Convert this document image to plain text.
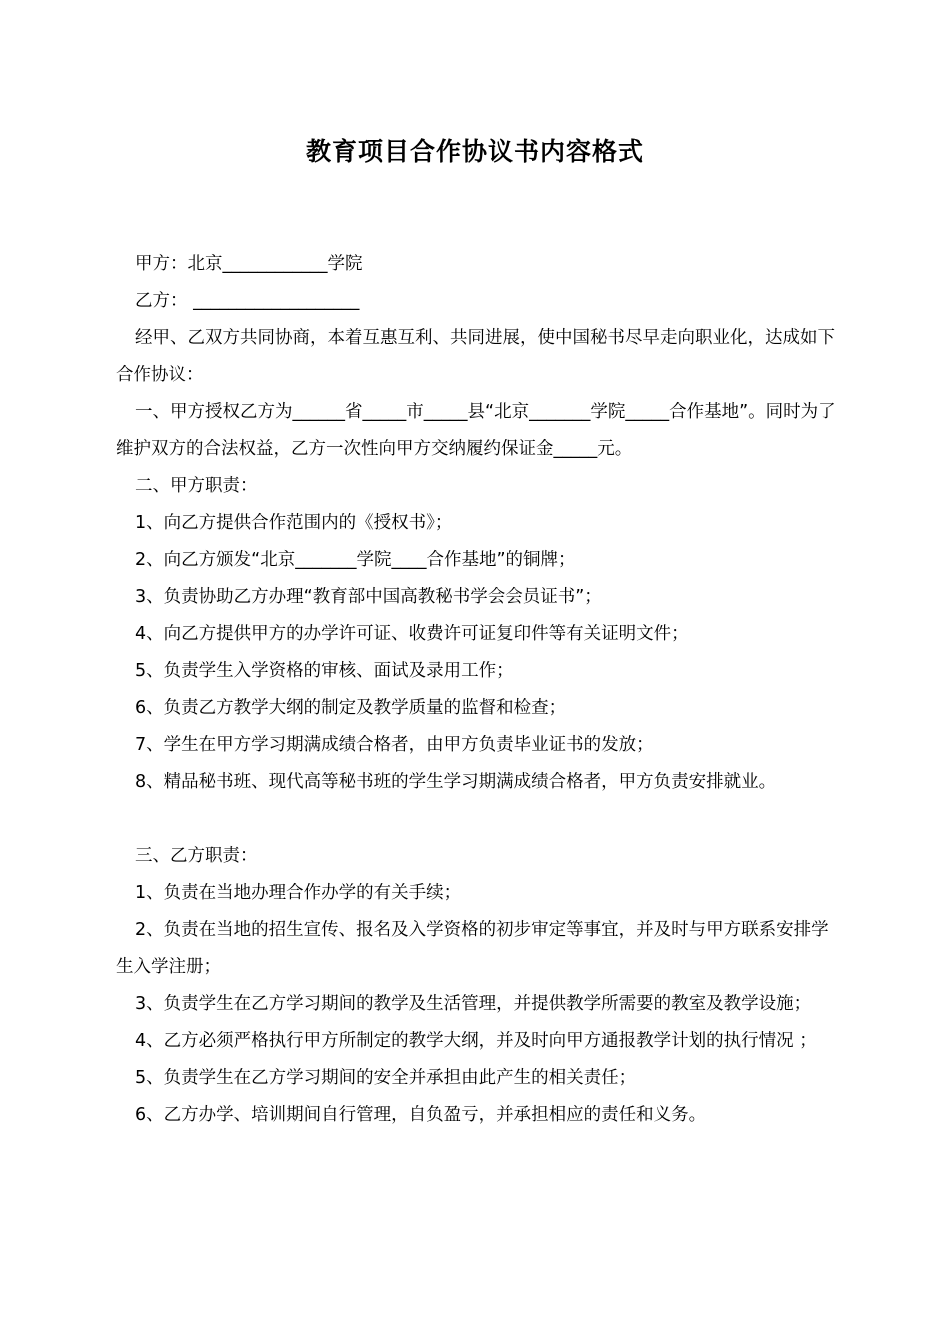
教育项目合作协议书内容格式

甲方：北京____________学院

乙方： ___________________

经甲、乙双方共同协商，本着互惠互利、共同进展，使中国秘书尽早走向职业化，达成如下合作协议：

一、甲方授权乙方为______省_____市_____县“北京_______学院_____合作基地”。同时为了维护双方的合法权益，乙方一次性向甲方交纳履约保证金_____元。

二、甲方职责：

1、向乙方提供合作范围内的《授权书》；

2、向乙方颁发“北京_______学院____合作基地”的铜牌；

3、负责协助乙方办理“教育部中国高教秘书学会会员证书”；

4、向乙方提供甲方的办学许可证、收费许可证复印件等有关证明文件；

5、负责学生入学资格的审核、面试及录用工作；

6、负责乙方教学大纲的制定及教学质量的监督和检查；

7、学生在甲方学习期满成绩合格者，由甲方负责毕业证书的发放；

8、精品秘书班、现代高等秘书班的学生学习期满成绩合格者，甲方负责安排就业。

三、乙方职责：

1、负责在当地办理合作办学的有关手续；

2、负责在当地的招生宣传、报名及入学资格的初步审定等事宜，并及时与甲方联系安排学生入学注册；

3、负责学生在乙方学习期间的教学及生活管理，并提供教学所需要的教室及教学设施；

4、乙方必须严格执行甲方所制定的教学大纲，并及时向甲方通报教学计划的执行情况 ；

5、负责学生在乙方学习期间的安全并承担由此产生的相关责任；

6、乙方办学、培训期间自行管理，自负盈亏，并承担相应的责任和义务。
